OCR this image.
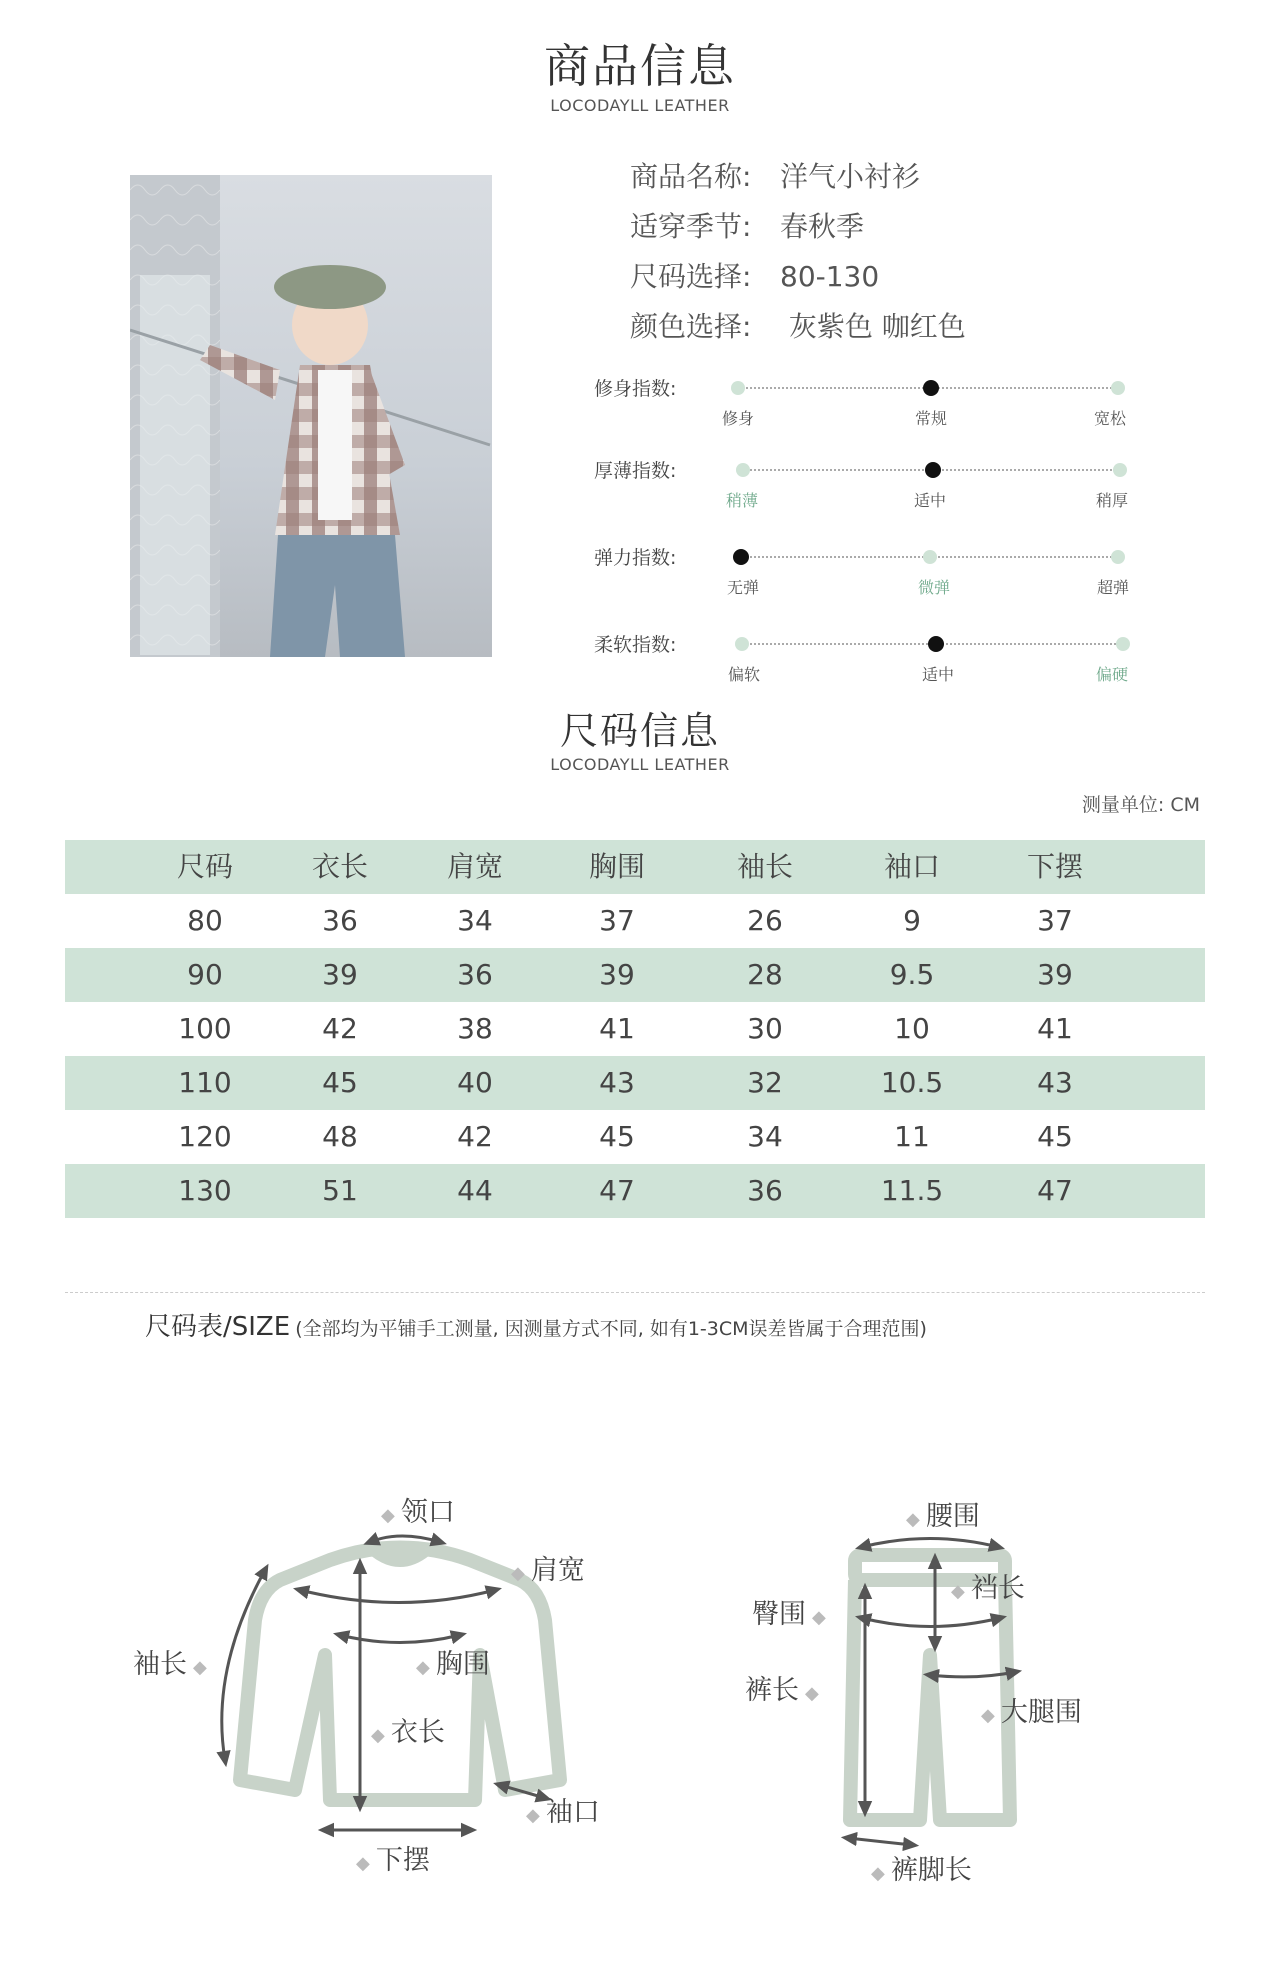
商品信息
LOCODAYLL LEATHER
商品名称: 洋气小衬衫
适穿季节: 春秋季
尺码选择: 80-130
颜色选择: 灰紫色 咖红色
修身指数:
修身	常规	宽松
厚薄指数:
稍薄	适中	稍厚
弹力指数:
无弹	微弹	超弹
柔软指数:
偏软	适中	偏硬
尺码信息
LOCODAYLL LEATHER
测量单位: CM
尺码	衣长	肩宽	胸围	袖长	袖口	下摆
80	36	34	37	26	9	37
90	39	36	39	28	9.5	39
100	42	38	41	30	10	41
110	45	40	43	32	10.5	43
120	48	42	45	34	11	45
130	51	44	47	36	11.5	47
尺码表/SIZE (全部均为平铺手工测量, 因测量方式不同, 如有1-3CM误差皆属于合理范围)
◆ 领口
◆ 肩宽
袖长 ◆	◆ 胸围
◆ 衣长
◆ 袖口
◆ 下摆
◆ 腰围
◆ 裆长
臀围 ◆
裤长 ◆
◆ 大腿围
◆ 裤脚长
